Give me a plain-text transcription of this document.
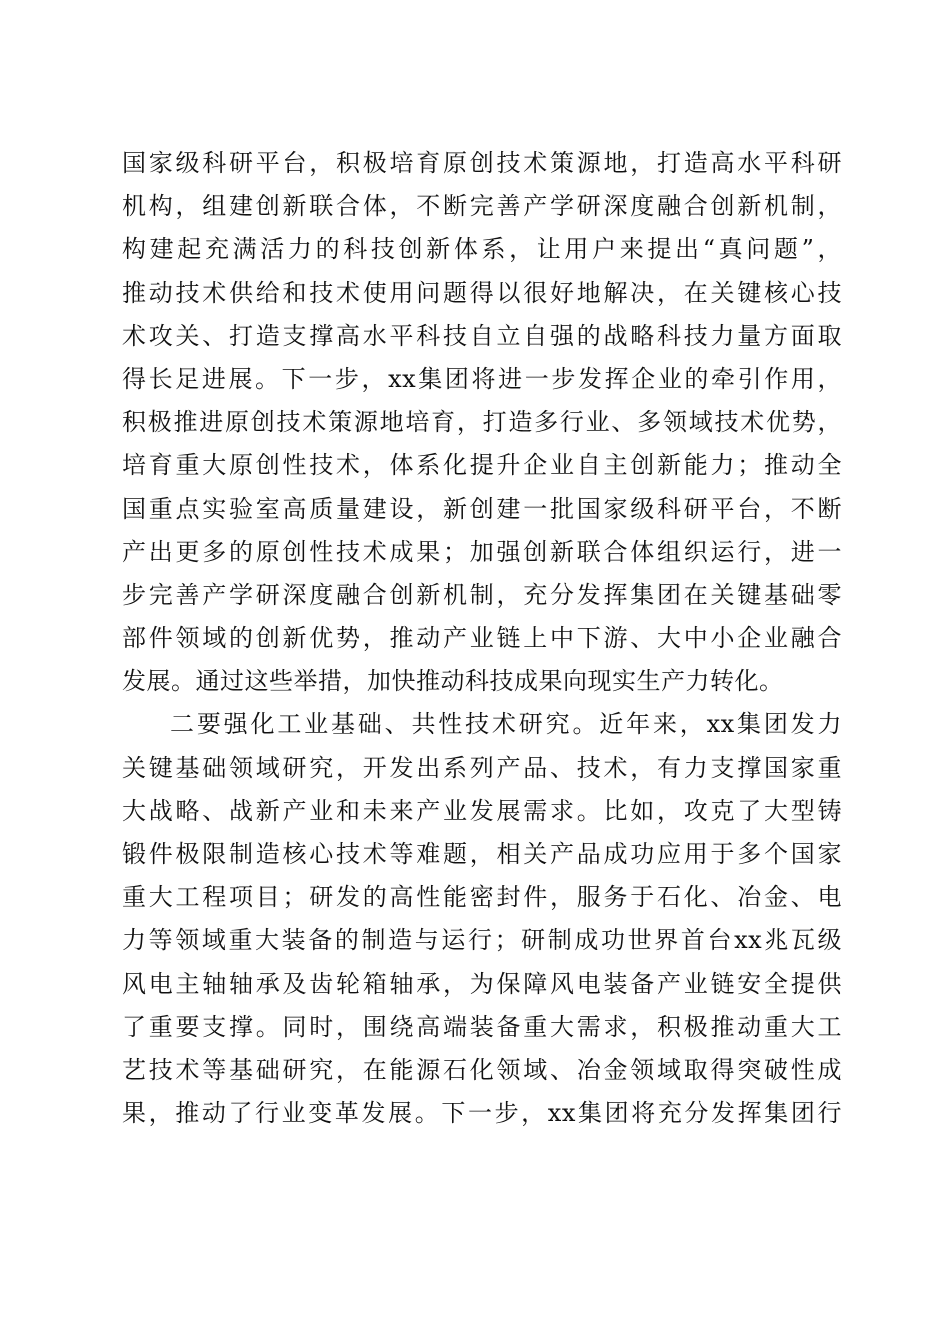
国家级科研平台，积极培育原创技术策源地，打造高水平科研
机构，组建创新联合体，不断完善产学研深度融合创新机制，
构建起充满活力的科技创新体系，让用户来提出“真问题”，
推动技术供给和技术使用问题得以很好地解决，在关键核心技
术攻关、打造支撑高水平科技自立自强的战略科技力量方面取
得长足进展。下一步，xx集团将进一步发挥企业的牵引作用，
积极推进原创技术策源地培育，打造多行业、多领域技术优势，
培育重大原创性技术，体系化提升企业自主创新能力；推动全
国重点实验室高质量建设，新创建一批国家级科研平台，不断
产出更多的原创性技术成果；加强创新联合体组织运行，进一
步完善产学研深度融合创新机制，充分发挥集团在关键基础零
部件领域的创新优势，推动产业链上中下游、大中小企业融合
发展。通过这些举措，加快推动科技成果向现实生产力转化。
二要强化工业基础、共性技术研究。近年来，xx集团发力
关键基础领域研究，开发出系列产品、技术，有力支撑国家重
大战略、战新产业和未来产业发展需求。比如，攻克了大型铸
锻件极限制造核心技术等难题，相关产品成功应用于多个国家
重大工程项目；研发的高性能密封件，服务于石化、冶金、电
力等领域重大装备的制造与运行；研制成功世界首台xx兆瓦级
风电主轴轴承及齿轮箱轴承，为保障风电装备产业链安全提供
了重要支撑。同时，围绕高端装备重大需求，积极推动重大工
艺技术等基础研究，在能源石化领域、冶金领域取得突破性成
果，推动了行业变革发展。下一步，xx集团将充分发挥集团行
